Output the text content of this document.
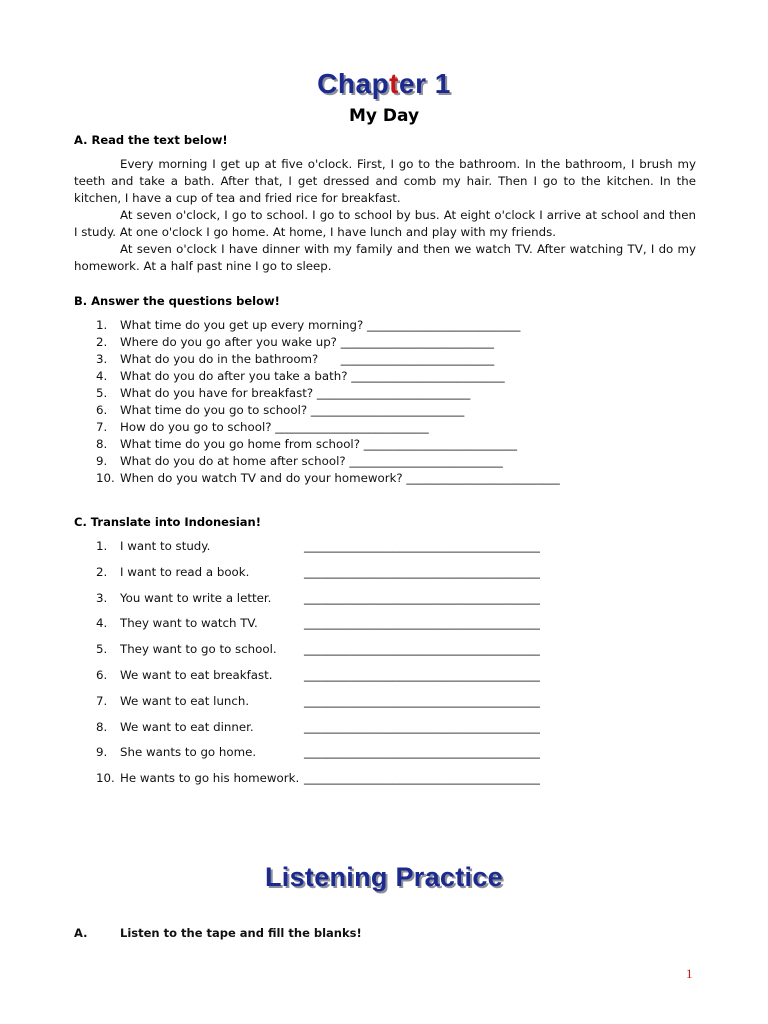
Chapter 1
My Day
A. Read the text below!

Every morning I get up at five o'clock. First, I go to the bathroom. In the bathroom, I brush my teeth and take a bath. After that, I get dressed and comb my hair. Then I go to the kitchen. In the kitchen, I have a cup of tea and fried rice for breakfast.

At seven o'clock, I go to school. I go to school by bus. At eight o'clock I arrive at school and then I study. At one o'clock I go home. At home, I have lunch and play with my friends.

At seven o'clock I have dinner with my family and then we watch TV. After watching TV, I do my homework. At a half past nine I go to sleep.

B. Answer the questions below!
1. What time do you get up every morning? __________________________
2. Where do you go after you wake up? __________________________
3. What do you do in the bathroom?      __________________________
4. What do you do after you take a bath? __________________________
5. What do you have for breakfast? __________________________
6. What time do you go to school? __________________________
7. How do you go to school? __________________________
8. What time do you go home from school? __________________________
9. What do you do at home after school? __________________________
10. When do you watch TV and do your homework? __________________________
C. Translate into Indonesian!
1. I want to study.	________________________________________
2. I want to read a book.	________________________________________
3. You want to write a letter.	________________________________________
4. They want to watch TV.	________________________________________
5. They want to go to school. ________________________________________
6. We want to eat breakfast.	________________________________________
7. We want to eat lunch.	________________________________________
8. We want to eat dinner.	________________________________________
9. She wants to go home.	________________________________________
10. He wants to go his homework. ________________________________________
Listening Practice
A.	Listen to the tape and fill the blanks!
1
